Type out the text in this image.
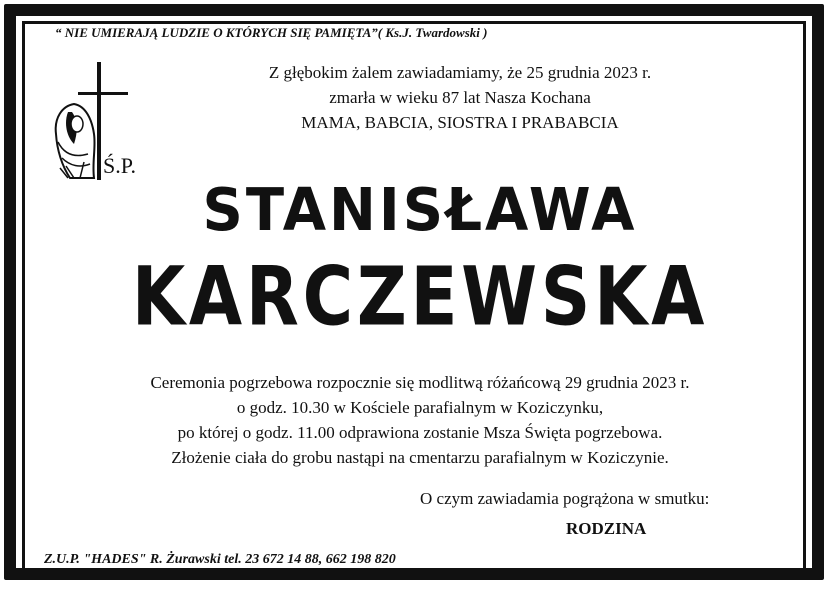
“ NIE UMIERAJĄ LUDZIE O KTÓRYCH SIĘ PAMIĘTA”( Ks.J. Twardowski )
Z głębokim żalem zawiadamiamy, że 25 grudnia 2023 r.
zmarła w wieku 87 lat Nasza Kochana
MAMA, BABCIA, SIOSTRA I PRABABCIA
Ś.P.
STANISŁAWA
KARCZEWSKA
Ceremonia pogrzebowa rozpocznie się modlitwą różańcową 29 grudnia 2023 r.
o godz. 10.30 w Kościele parafialnym w Koziczynku,
po której o godz. 11.00 odprawiona zostanie Msza Święta pogrzebowa.
Złożenie ciała do grobu nastąpi na cmentarzu parafialnym w Koziczynie.
O czym zawiadamia pogrążona w smutku:
RODZINA
Z.U.P. "HADES" R. Żurawski tel. 23 672 14 88, 662 198 820
